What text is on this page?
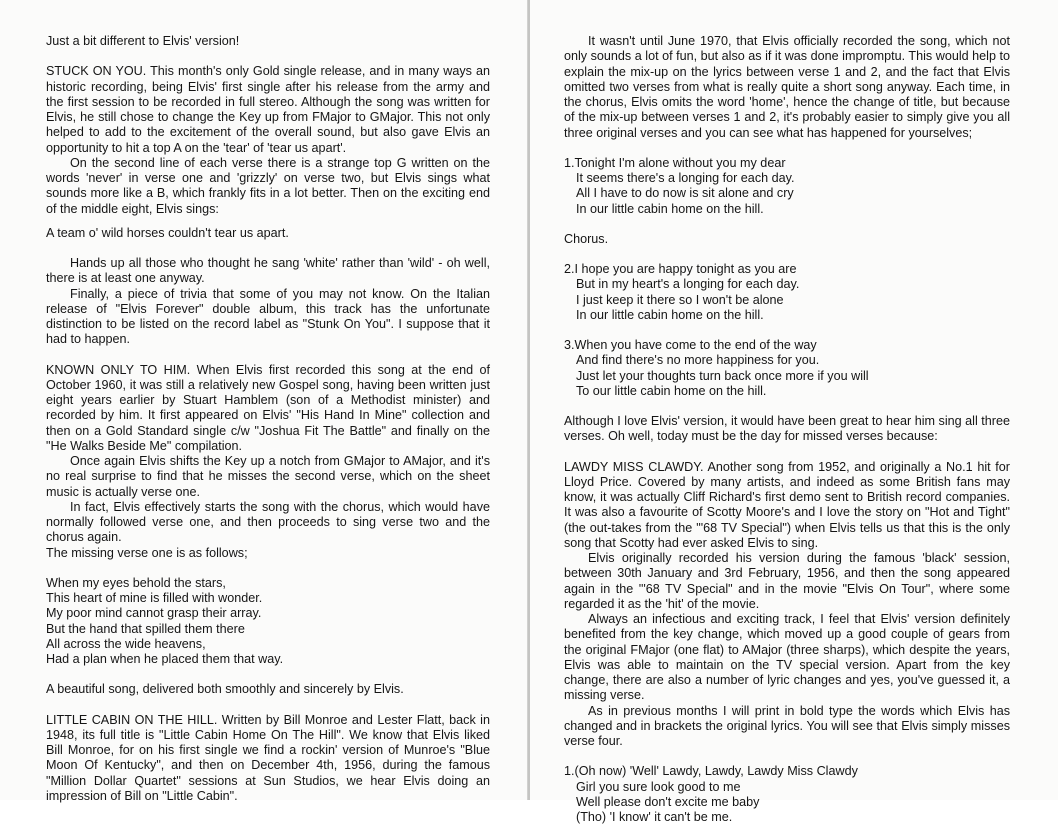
Just a bit different to Elvis' version!

STUCK ON YOU. This month's only Gold single release, and in many ways an historic recording, being Elvis' first single after his release from the army and the first session to be recorded in full stereo. Although the song was written for Elvis, he still chose to change the Key up from FMajor to GMajor. This not only helped to add to the excitement of the overall sound, but also gave Elvis an opportunity to hit a top A on the 'tear' of 'tear us apart'.

On the second line of each verse there is a strange top G written on the words 'never' in verse one and 'grizzly' on verse two, but Elvis sings what sounds more like a B, which frankly fits in a lot better. Then on the exciting end of the middle eight, Elvis sings:

A team o' wild horses couldn't tear us apart.

Hands up all those who thought he sang 'white' rather than 'wild' - oh well, there is at least one anyway.

Finally, a piece of trivia that some of you may not know. On the Italian release of "Elvis Forever" double album, this track has the unfortunate distinction to be listed on the record label as "Stunk On You". I suppose that it had to happen.

KNOWN ONLY TO HIM. When Elvis first recorded this song at the end of October 1960, it was still a relatively new Gospel song, having been written just eight years earlier by Stuart Hamblem (son of a Methodist minister) and recorded by him. It first appeared on Elvis' "His Hand In Mine" collection and then on a Gold Standard single c/w "Joshua Fit The Battle" and finally on the "He Walks Beside Me" compilation.

Once again Elvis shifts the Key up a notch from GMajor to AMajor, and it's no real surprise to find that he misses the second verse, which on the sheet music is actually verse one.

In fact, Elvis effectively starts the song with the chorus, which would have normally followed verse one, and then proceeds to sing verse two and the chorus again.

The missing verse one is as follows;

When my eyes behold the stars,

This heart of mine is filled with wonder.

My poor mind cannot grasp their array.

But the hand that spilled them there

All across the wide heavens,

Had a plan when he placed them that way.

A beautiful song, delivered both smoothly and sincerely by Elvis.

LITTLE CABIN ON THE HILL. Written by Bill Monroe and Lester Flatt, back in 1948, its full title is "Little Cabin Home On The Hill". We know that Elvis liked Bill Monroe, for on his first single we find a rockin' version of Munroe's "Blue Moon Of Kentucky", and then on December 4th, 1956, during the famous "Million Dollar Quartet" sessions at Sun Studios, we hear Elvis doing an impression of Bill on "Little Cabin".

It wasn't until June 1970, that Elvis officially recorded the song, which not only sounds a lot of fun, but also as if it was done impromptu. This would help to explain the mix-up on the lyrics between verse 1 and 2, and the fact that Elvis omitted two verses from what is really quite a short song anyway. Each time, in the chorus, Elvis omits the word 'home', hence the change of title, but because of the mix-up between verses 1 and 2, it's probably easier to simply give you all three original verses and you can see what has happened for yourselves;

1.Tonight I'm alone without you my dear

It seems there's a longing for each day.

All I have to do now is sit alone and cry

In our little cabin home on the hill.

Chorus.

2.I hope you are happy tonight as you are

But in my heart's a longing for each day.

I just keep it there so I won't be alone

In our little cabin home on the hill.

3.When you have come to the end of the way

And find there's no more happiness for you.

Just let your thoughts turn back once more if you will

To our little cabin home on the hill.

Although I love Elvis' version, it would have been great to hear him sing all three verses. Oh well, today must be the day for missed verses because:

LAWDY MISS CLAWDY. Another song from 1952, and originally a No.1 hit for Lloyd Price. Covered by many artists, and indeed as some British fans may know, it was actually Cliff Richard's first demo sent to British record companies. It was also a favourite of Scotty Moore's and I love the story on "Hot and Tight" (the out-takes from the "'68 TV Special") when Elvis tells us that this is the only song that Scotty had ever asked Elvis to sing.

Elvis originally recorded his version during the famous 'black' session, between 30th January and 3rd February, 1956, and then the song appeared again in the "'68 TV Special" and in the movie "Elvis On Tour", where some regarded it as the 'hit' of the movie.

Always an infectious and exciting track, I feel that Elvis' version definitely benefited from the key change, which moved up a good couple of gears from the original FMajor (one flat) to AMajor (three sharps), which despite the years, Elvis was able to maintain on the TV special version. Apart from the key change, there are also a number of lyric changes and yes, you've guessed it, a missing verse.

As in previous months I will print in bold type the words which Elvis has changed and in brackets the original lyrics. You will see that Elvis simply misses verse four.

1.(Oh now) 'Well' Lawdy, Lawdy, Lawdy Miss Clawdy

Girl you sure look good to me

Well please don't excite me baby

(Tho) 'I know' it can't be me.
